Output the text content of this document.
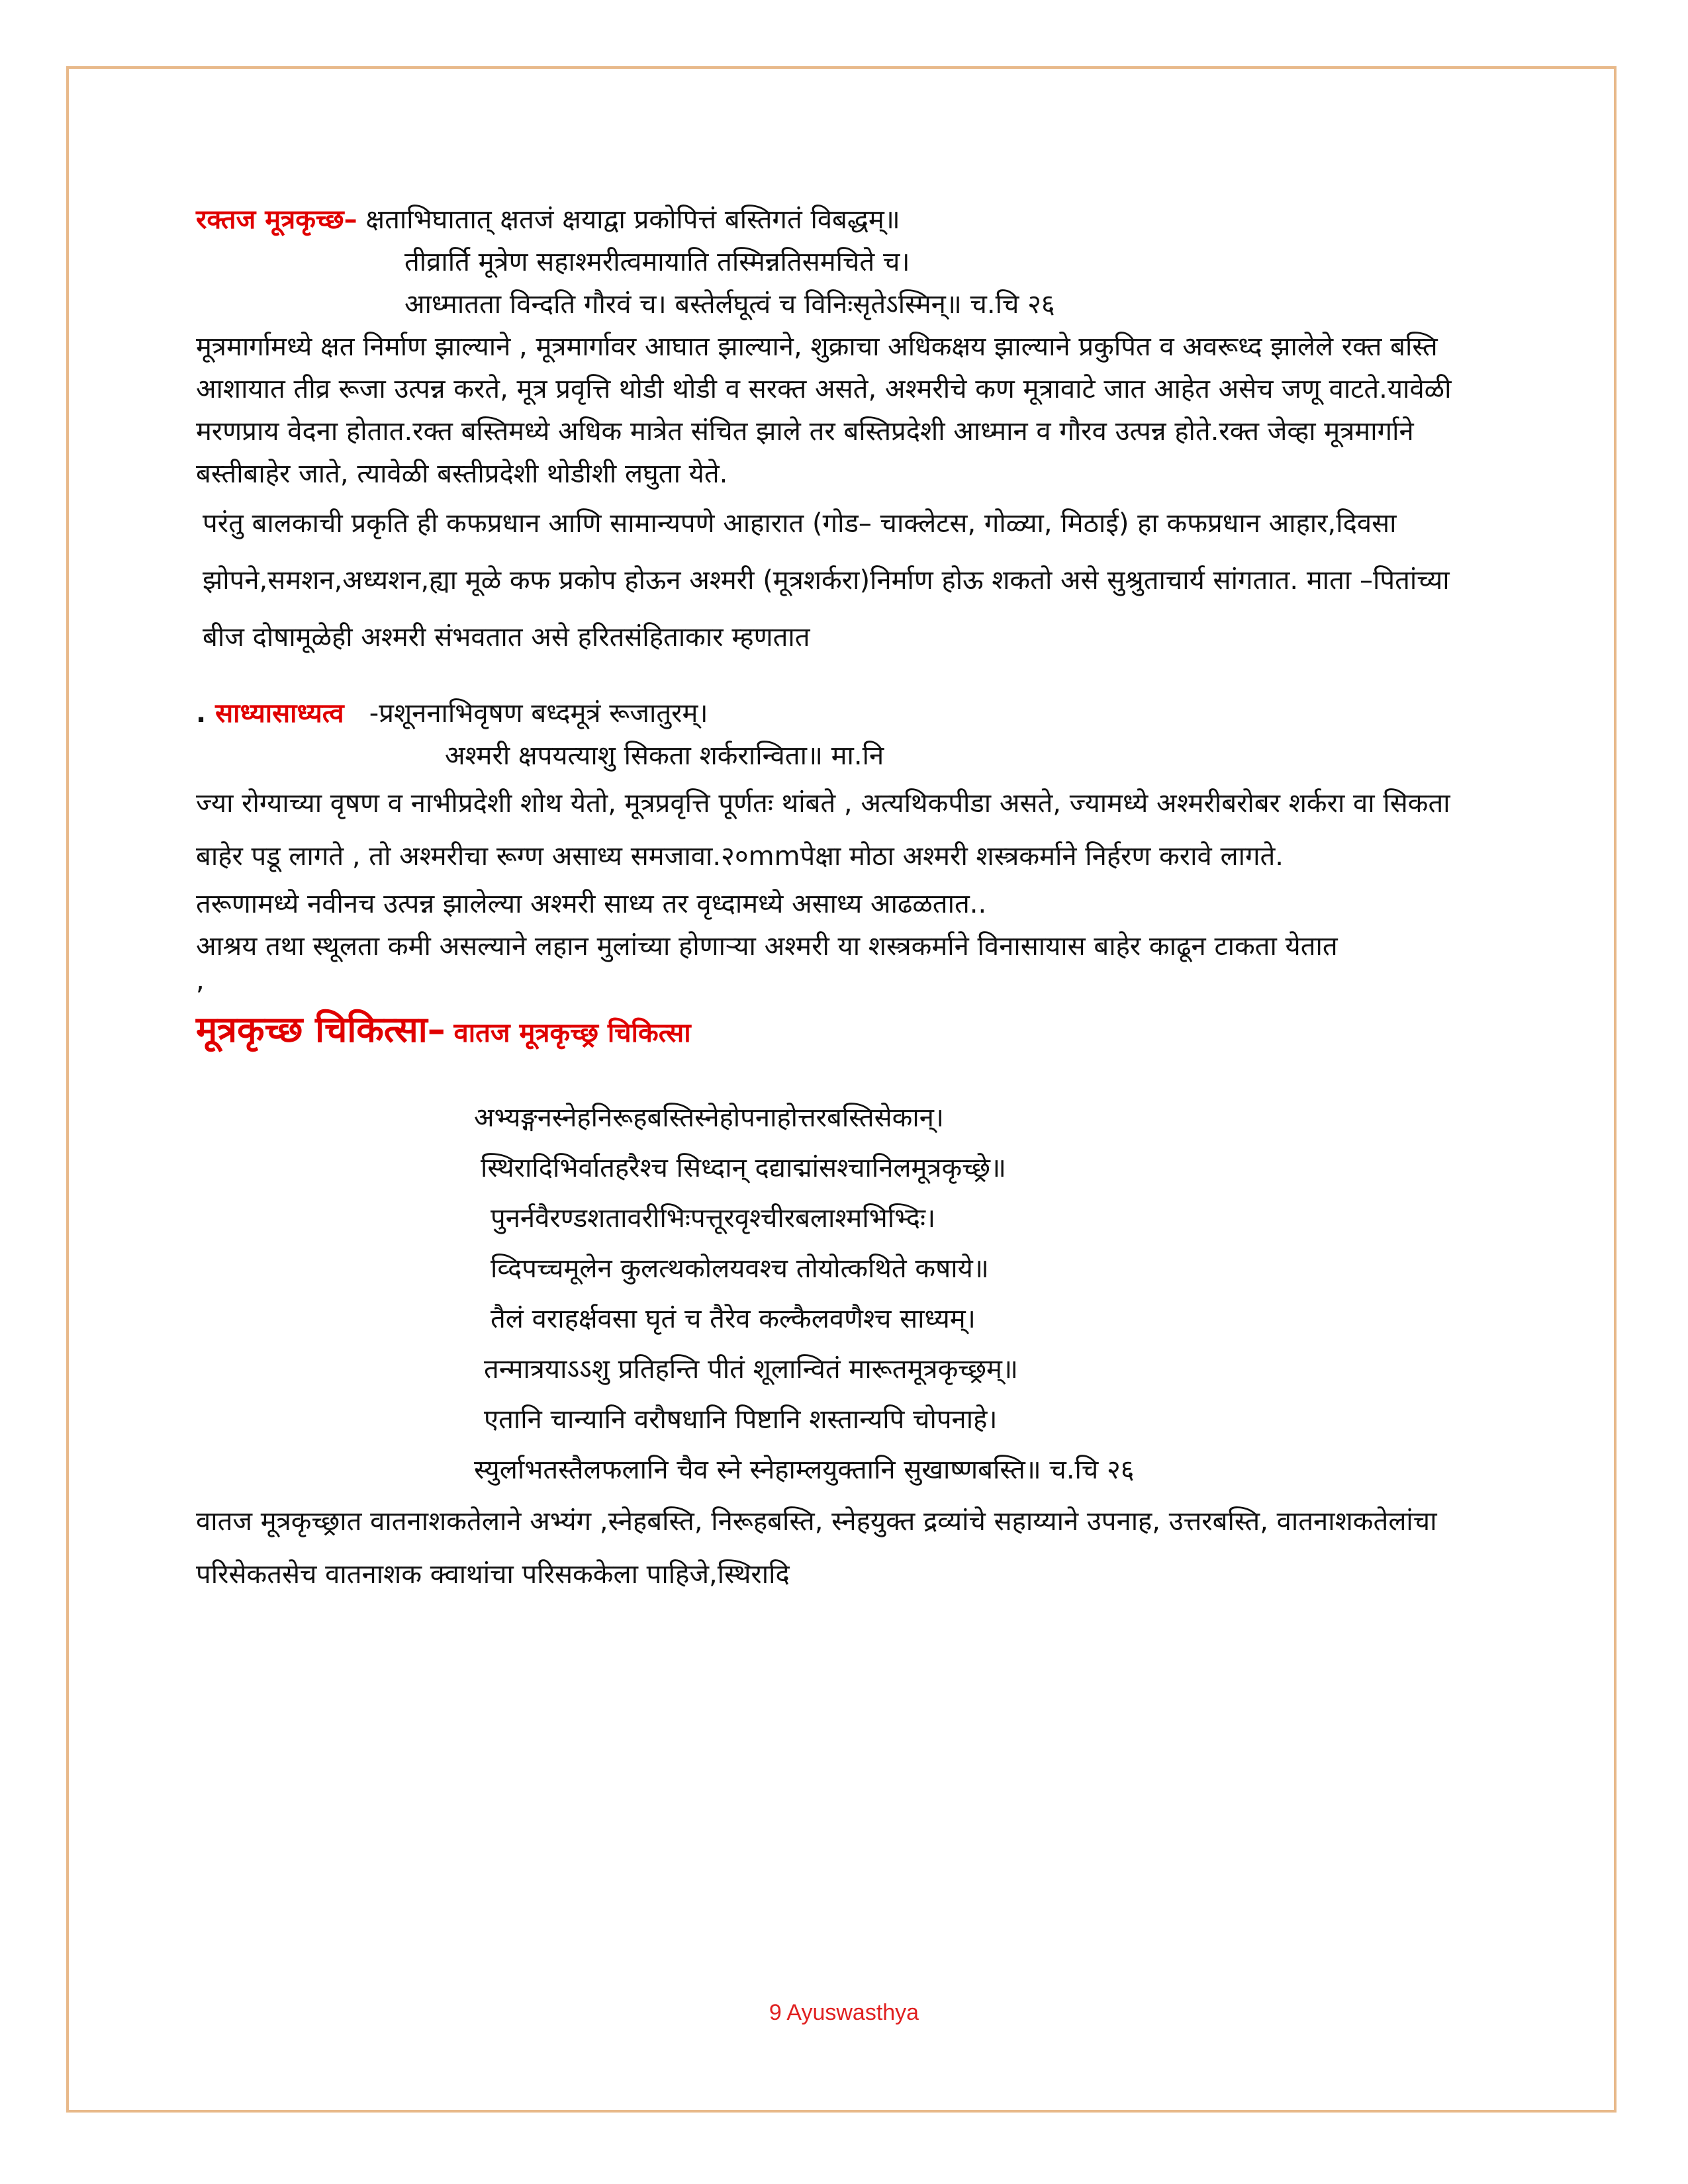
रक्तज मूत्रकृच्छ– क्षताभिघातात् क्षतजं क्षयाद्वा प्रकोपित्तं बस्तिगतं विबद्धम्॥

तीव्रार्ति मूत्रेण सहाश्मरीत्वमायाति तस्मिन्नतिसमचिते च।

आध्मातता विन्दति गौरवं च। बस्तेर्लघूत्वं च विनिःसृतेऽस्मिन्॥ च.चि २६

मूत्रमार्गामध्ये क्षत निर्माण झाल्याने , मूत्रमार्गावर आघात झाल्याने, शुक्राचा अधिकक्षय झाल्याने प्रकुपित व अवरूध्द झालेले रक्त बस्ति आशायात तीव्र रूजा उत्पन्न करते, मूत्र प्रवृत्ति थोडी थोडी व सरक्त असते, अश्मरीचे कण मूत्रावाटे जात आहेत असेच जणू वाटते.यावेळी मरणप्राय वेदना होतात.रक्त बस्तिमध्ये अधिक मात्रेत संचित झाले तर बस्तिप्रदेशी आध्मान व गौरव उत्पन्न होते.रक्त जेव्हा मूत्रमार्गाने बस्तीबाहेर जाते, त्यावेळी बस्तीप्रदेशी थोडीशी लघुता येते.

परंतु बालकाची प्रकृति ही कफप्रधान आणि सामान्यपणे आहारात (गोड– चाक्लेटस, गोळ्या, मिठाई) हा कफप्रधान आहार,दिवसा झोपने,समशन,अध्यशन,ह्या मूळे कफ प्रकोप होऊन अश्मरी (मूत्रशर्करा)निर्माण होऊ शकतो असे सुश्रुताचार्य सांगतात. माता –पितांच्या बीज दोषामूळेही अश्मरी संभवतात असे हरितसंहिताकार म्हणतात

. साध्यासाध्यत्व -प्रशूननाभिवृषण बध्दमूत्रं रूजातुरम्।

अश्मरी क्षपयत्याशु सिकता शर्करान्विता॥ मा.नि

ज्या रोग्याच्या वृषण व नाभीप्रदेशी शोथ येतो, मूत्रप्रवृत्ति पूर्णतः थांबते , अत्यथिकपीडा असते, ज्यामध्ये अश्मरीबरोबर शर्करा वा सिकता बाहेर पडू लागते , तो अश्मरीचा रूग्ण असाध्य समजावा.२०mmपेक्षा मोठा अश्मरी शस्त्रकर्माने निर्हरण करावे लागते.

तरूणामध्ये नवीनच उत्पन्न झालेल्या अश्मरी साध्य तर वृध्दामध्ये असाध्य आढळतात..

आश्रय तथा स्थूलता कमी असल्याने लहान मुलांच्या होणाऱ्या अश्मरी या शस्त्रकर्माने विनासायास बाहेर काढून टाकता येतात

,

मूत्रकृच्छ चिकित्सा– वातज मूत्रकृच्छ्र चिकित्सा

अभ्यङ्गनस्नेहनिरूहबस्तिस्नेहोपनाहोत्तरबस्तिसेकान्।

स्थिरादिभिर्वातहरैश्च सिध्दान् दद्याद्मांसश्चानिलमूत्रकृच्छ्रे॥

पुनर्नवैरण्डशतावरीभिःपत्तूरवृश्चीरबलाश्मभिभ्दिः।

व्दिपच्चमूलेन कुलत्थकोलयवश्च तोयोत्कथिते कषाये॥

तैलं वराहर्क्षवसा घृतं च तैरेव कल्कैलवणैश्च साध्यम्।

तन्मात्रयाऽऽशु प्रतिहन्ति पीतं शूलान्वितं मारूतमूत्रकृच्छ्रम्॥

एतानि चान्यानि वरौषधानि पिष्टानि शस्तान्यपि चोपनाहे।

स्युर्लाभतस्तैलफलानि चैव स्ने स्नेहाम्लयुक्तानि सुखाष्णबस्ति॥ च.चि २६

वातज मूत्रकृच्छ्रात वातनाशकतेलाने अभ्यंग ,स्नेहबस्ति, निरूहबस्ति, स्नेहयुक्त द्रव्यांचे सहाय्याने उपनाह, उत्तरबस्ति, वातनाशकतेलांचा परिसेकतसेच वातनाशक क्वाथांचा परिसककेला पाहिजे,स्थिरादि

9 Ayuswasthya
